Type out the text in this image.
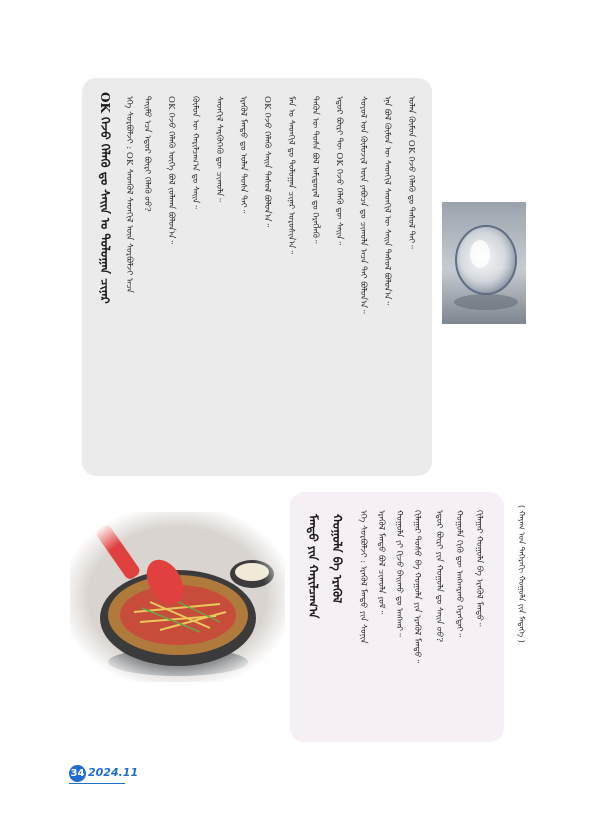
OK ᠭᠡᠵᠦ ᠬᠡᠯᠡᠬᠦ ᠳᠤ ᠰᠠᠢᠨ ᠤ ᠳᠣᠯᠤᠭᠠᠨ ᠴᠢᠨᠠᠷ ᠡᠬᠡ ᠰᠤᠷᠪᠤᠯᠵᠢ : OK ᠰᠡᠳᠬᠦᠯ ᠰᠡᠳᠬᠢᠯ ᠦᠨ ᠰᠤᠷᠪᠤᠯᠵᠢ ᠠᠴᠠ ᠲᠡᠢᠮᠦ ᠡᠴᠡ ᠡᠳᠦᠷ ᠪᠦᠷᠢ ᠬᠡᠯᠡᠬᠦ ᠦᠦ? OK ᠭᠡᠵᠦ ᠬᠡᠯᠡᠬᠦ ᠦᠭᠡ ᠪᠣᠯ ᠵᠤᠯᠬᠠᠨ ᠪᠣᠯᠤᠨ᠎ᠠ᠃ ᠬᠦᠮᠦᠨ ᠦ ᠬᠠᠷᠢᠯᠴᠠᠭ᠎ᠠ ᠳᠤ ᠰᠠᠢᠨ᠃ ᠰᠡᠳᠬᠢᠯ ᠰᠡᠷᠭᠦᠭᠡᠬᠦ ᠳᠦ ᠴᠢᠬᠤᠯᠠ᠃ ᠡᠷᠡᠬᠦᠯ ᠮᠡᠨᠳᠦ ᠳᠤ ᠤᠯᠠᠨ ᠲᠤᠰᠠ ᠲᠠᠢ᠃ OK ᠭᠡᠵᠦ ᠬᠡᠯᠡᠬᠦ ᠰᠠᠢᠨ ᠳᠠᠰᠤᠯ ᠪᠣᠯᠤᠨ᠎ᠠ᠃ ᠮᠠᠨ ᠤ ᠰᠡᠳᠬᠢᠯ ᠳᠤ ᠳᠣᠯᠤᠭᠠᠨ ᠴᠢᠨᠠᠷ ᠣᠷᠣᠰᠢᠨ᠎ᠠ᠃ ᠲᠡᠭᠦᠨ ᠦ ᠲᠤᠰᠠ ᠪᠣᠯ ᠠᠮᠢᠳᠤᠷᠠᠯ ᠳᠤ ᠬᠡᠷᠡᠭᠯᠡᠬᠦ᠃ ᠡᠳᠦᠷ ᠪᠦᠷᠢ ᠲᠦ OK ᠭᠡᠵᠦ ᠬᠡᠯᠡᠬᠦ ᠳᠦ ᠰᠠᠢᠨ᠃ ᠰᠣᠶᠣᠯ ᠤᠨ ᠬᠦᠮᠦᠵᠢᠯ ᠦᠨ ᠶᠠᠪᠤᠴᠠ ᠳᠤ ᠴᠢᠬᠤᠯᠠ ᠠᠴᠠ ᠲᠠᠢ ᠪᠣᠯᠤᠨ᠎ᠠ᠃ ᠡᠨᠡ ᠪᠣᠯ ᠬᠦᠮᠦᠨ ᠦ ᠰᠡᠳᠬᠢᠯ ᠰᠡᠳᠬᠢᠯ ᠦ ᠰᠠᠢᠨ ᠳᠠᠰᠤᠯ ᠪᠣᠯᠤᠨ᠎ᠠ᠃ ᠤᠯᠠᠨ ᠬᠦᠮᠦᠨ OK ᠭᠡᠵᠦ ᠬᠡᠯᠡᠬᠦ ᠳᠤ ᠳᠠᠰᠤᠯ ᠲᠠᠢ᠃
ᠮᠡᠨᠳᠦ ᠶᠢᠨ ᠬᠠᠷᠢᠯᠴᠠᠭ᠎ᠠ ᠬᠣᠭᠣᠯᠠ ᠪᠠ ᠡᠷᠡᠭᠦᠯ ᠡᠬᠡ ᠰᠤᠷᠪᠤᠯᠵᠢ : ᠡᠷᠡᠭᠦᠯ ᠮᠡᠨᠳᠦ ᠶᠢᠨ ᠰᠣᠨᠢᠨ ᠡᠷᠡᠭᠦᠯ ᠮᠡᠨᠳᠦ ᠪᠣᠯ ᠴᠢᠬᠤᠯᠠ ᠶᠤᠮ᠃ ᠬᠣᠭᠣᠯᠠ ᠶᠢ ᠬᠢᠵᠦ ᠪᠠᠢᠬᠤ ᠳᠤ ᠠᠩᠬᠠᠷ᠃ ᠭᠢᠯᠠᠭᠠᠷ ᠲᠣᠰᠤ ᠪᠠ ᠬᠣᠭᠣᠯᠠ ᠶᠢᠨ ᠡᠷᠡᠭᠦᠯ ᠮᠡᠨᠳᠦ᠃ ᠡᠳᠦᠷ ᠪᠦᠷᠢ ᠶᠢᠨ ᠬᠣᠭᠣᠯᠠ ᠳᠤ ᠰᠠᠢᠨ ᠦᠦ? ᠬᠣᠭᠣᠯᠠ ᠬᠢᠬᠦ ᠳᠦ ᠠᠩᠬᠠᠷᠬᠤ ᠬᠡᠷᠡᠭᠲᠡᠢ᠃ ᠭᠢᠯᠠᠭᠠᠷ ᠬᠣᠭᠣᠯᠠ ᠪᠠ ᠡᠷᠡᠭᠦᠯ ᠮᠡᠨᠳᠦ᠃	( ᠬᠠᠶᠠᠭ ᠤᠨ ᠳᠡᠭᠡᠷᠡᠬᠢ ᠬᠣᠭᠣᠯᠠ ᠶᠢᠨ ᠮᠡᠳᠡᠭᠡ )
34 2024.11
